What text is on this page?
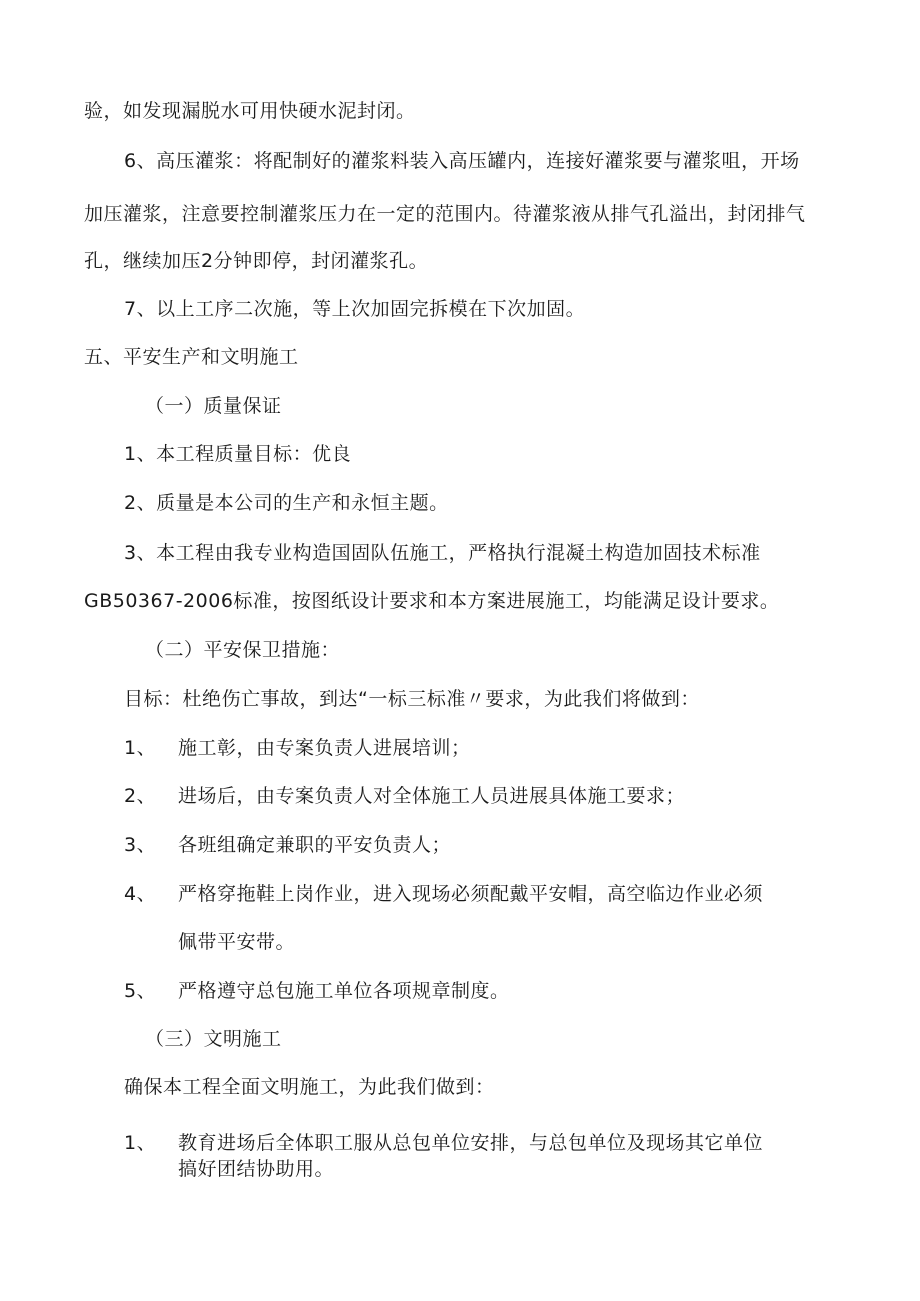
验，如发现漏脱水可用快硬水泥封闭。
6、高压灌浆：将配制好的灌浆料装入高压罐内，连接好灌浆要与灌浆咀，开场
加压灌浆，注意要控制灌浆压力在一定的范围内。待灌浆液从排气孔溢出，封闭排气
孔，继续加压2分钟即停，封闭灌浆孔。
7、以上工序二次施，等上次加固完拆模在下次加固。
五、平安生产和文明施工
（一）质量保证
1、本工程质量目标：优良
2、质量是本公司的生产和永恒主题。
3、本工程由我专业构造国固队伍施工，严格执行混凝土构造加固技术标准
GB50367-2006标准，按图纸设计要求和本方案进展施工，均能满足设计要求。
（二）平安保卫措施：
目标：杜绝伤亡事故，到达“一标三标准〃要求，为此我们将做到：
1、 施工彰，由专案负责人进展培训；
2、 进场后，由专案负责人对全体施工人员进展具体施工要求；
3、 各班组确定兼职的平安负责人；
4、 严格穿拖鞋上岗作业，进入现场必须配戴平安帽，高空临边作业必须
佩带平安带。
5、 严格遵守总包施工单位各项规章制度。
（三）文明施工
确保本工程全面文明施工，为此我们做到：
1、 教育进场后全体职工服从总包单位安排，与总包单位及现场其它单位
搞好团结协助用。
